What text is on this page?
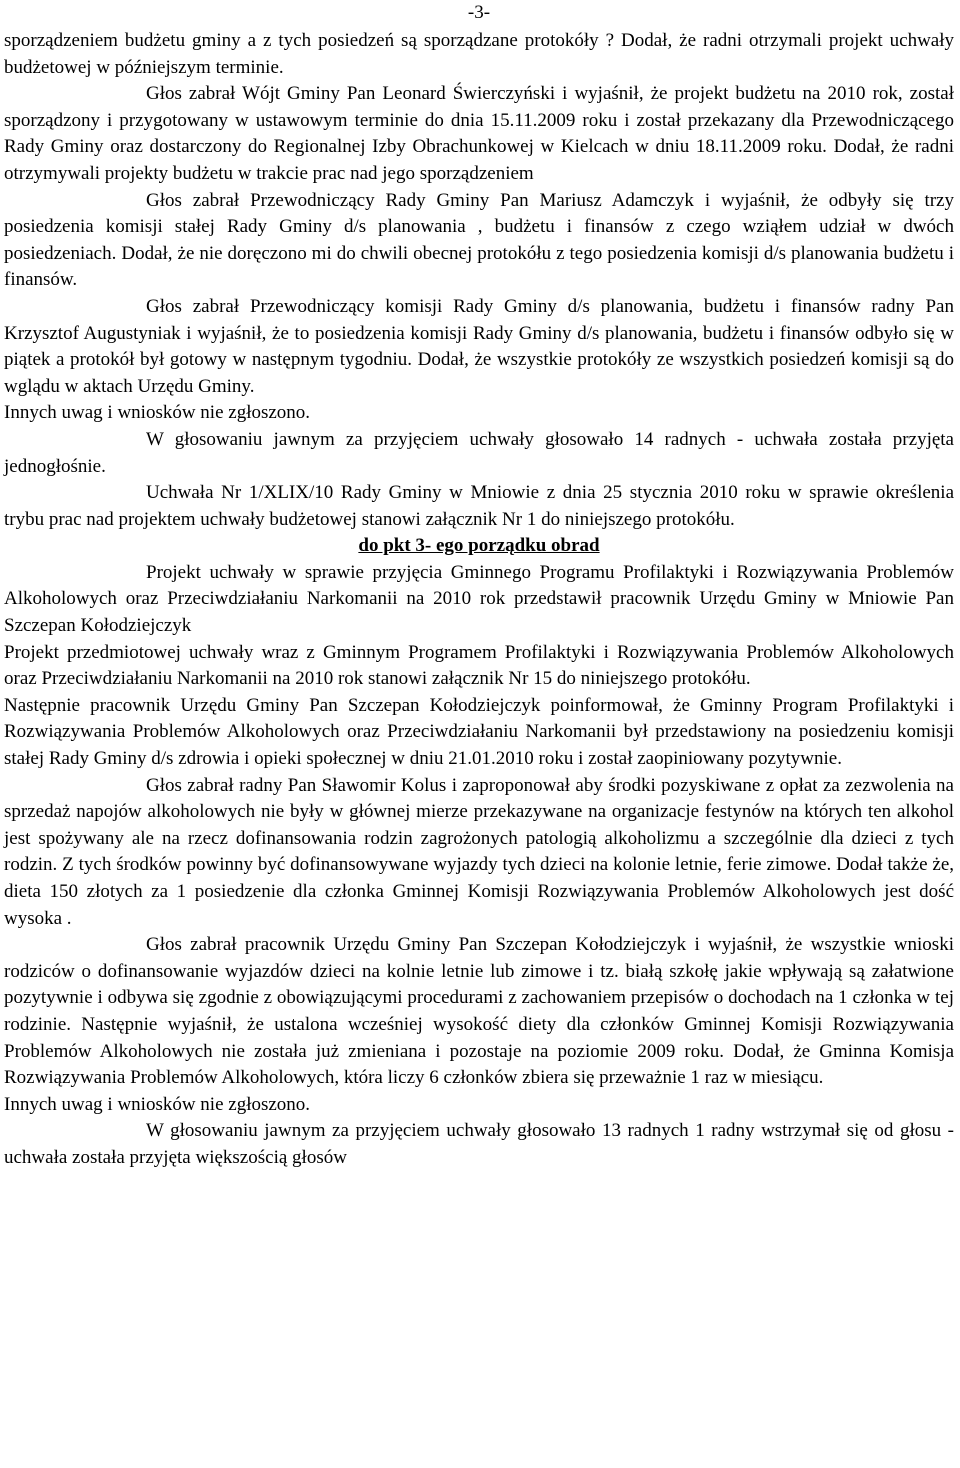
-3-

sporządzeniem budżetu gminy a z tych posiedzeń są sporządzane protokóły ? Dodał, że radni otrzymali projekt uchwały budżetowej w późniejszym terminie.

Głos zabrał Wójt Gminy Pan Leonard Świerczyński i wyjaśnił, że projekt budżetu na 2010 rok, został sporządzony i przygotowany w ustawowym terminie do dnia 15.11.2009 roku i został przekazany dla Przewodniczącego Rady Gminy oraz dostarczony do Regionalnej Izby Obrachunkowej w Kielcach w dniu 18.11.2009 roku. Dodał, że radni otrzymywali projekty budżetu w trakcie prac nad jego sporządzeniem

Głos zabrał Przewodniczący Rady Gminy Pan Mariusz Adamczyk i wyjaśnił, że odbyły się trzy posiedzenia komisji stałej Rady Gminy d/s planowania , budżetu i finansów z czego wziąłem udział w dwóch posiedzeniach. Dodał, że nie doręczono mi do chwili obecnej protokółu z tego posiedzenia komisji d/s planowania budżetu i finansów.

Głos zabrał Przewodniczący komisji Rady Gminy d/s planowania, budżetu i finansów radny Pan Krzysztof Augustyniak i wyjaśnił, że to posiedzenia komisji Rady Gminy d/s planowania, budżetu i finansów odbyło się w piątek a protokół był gotowy w następnym tygodniu. Dodał, że wszystkie protokóły ze wszystkich posiedzeń komisji są do wglądu w aktach Urzędu Gminy.

Innych uwag i wniosków nie zgłoszono.

W głosowaniu jawnym za przyjęciem uchwały głosowało 14 radnych - uchwała została przyjęta jednogłośnie.

Uchwała Nr 1/XLIX/10 Rady Gminy w Mniowie z dnia 25 stycznia 2010 roku w sprawie określenia trybu prac nad projektem uchwały budżetowej stanowi załącznik Nr 1 do niniejszego protokółu.

do pkt 3- ego porządku obrad

Projekt uchwały w sprawie przyjęcia Gminnego Programu Profilaktyki i Rozwiązywania Problemów Alkoholowych oraz Przeciwdziałaniu Narkomanii na 2010 rok przedstawił pracownik Urzędu Gminy w Mniowie Pan Szczepan Kołodziejczyk

Projekt przedmiotowej uchwały wraz z Gminnym Programem Profilaktyki i Rozwiązywania Problemów Alkoholowych oraz Przeciwdziałaniu Narkomanii na 2010 rok stanowi załącznik Nr 15 do niniejszego protokółu.

Następnie pracownik Urzędu Gminy Pan Szczepan Kołodziejczyk poinformował, że Gminny Program Profilaktyki i Rozwiązywania Problemów Alkoholowych oraz Przeciwdziałaniu Narkomanii był przedstawiony na posiedzeniu komisji stałej Rady Gminy d/s zdrowia i opieki społecznej w dniu 21.01.2010 roku i został zaopiniowany pozytywnie.

Głos zabrał radny Pan Sławomir Kolus i zaproponował aby środki pozyskiwane z opłat za zezwolenia na sprzedaż napojów alkoholowych nie były w głównej mierze przekazywane na organizacje festynów na których ten alkohol jest spożywany ale na rzecz dofinansowania rodzin zagrożonych patologią alkoholizmu a szczególnie dla dzieci z tych rodzin. Z tych środków powinny być dofinansowywane wyjazdy tych dzieci na kolonie letnie, ferie zimowe. Dodał także że, dieta 150 złotych za 1 posiedzenie dla członka Gminnej Komisji Rozwiązywania Problemów Alkoholowych jest dość wysoka .

Głos zabrał pracownik Urzędu Gminy Pan Szczepan Kołodziejczyk i wyjaśnił, że wszystkie wnioski rodziców o dofinansowanie wyjazdów dzieci na kolnie letnie lub zimowe i tz. białą szkołę jakie wpływają są załatwione pozytywnie i odbywa się zgodnie z obowiązującymi procedurami z zachowaniem przepisów o dochodach na 1 członka w tej rodzinie. Następnie wyjaśnił, że ustalona wcześniej wysokość diety dla członków Gminnej Komisji Rozwiązywania Problemów Alkoholowych nie została już zmieniana i pozostaje na poziomie 2009 roku. Dodał, że Gminna Komisja Rozwiązywania Problemów Alkoholowych, która liczy 6 członków zbiera się przeważnie 1 raz w miesiącu.

Innych uwag i wniosków nie zgłoszono.

W głosowaniu jawnym za przyjęciem uchwały głosowało 13 radnych 1 radny wstrzymał się od głosu - uchwała została przyjęta większością głosów
